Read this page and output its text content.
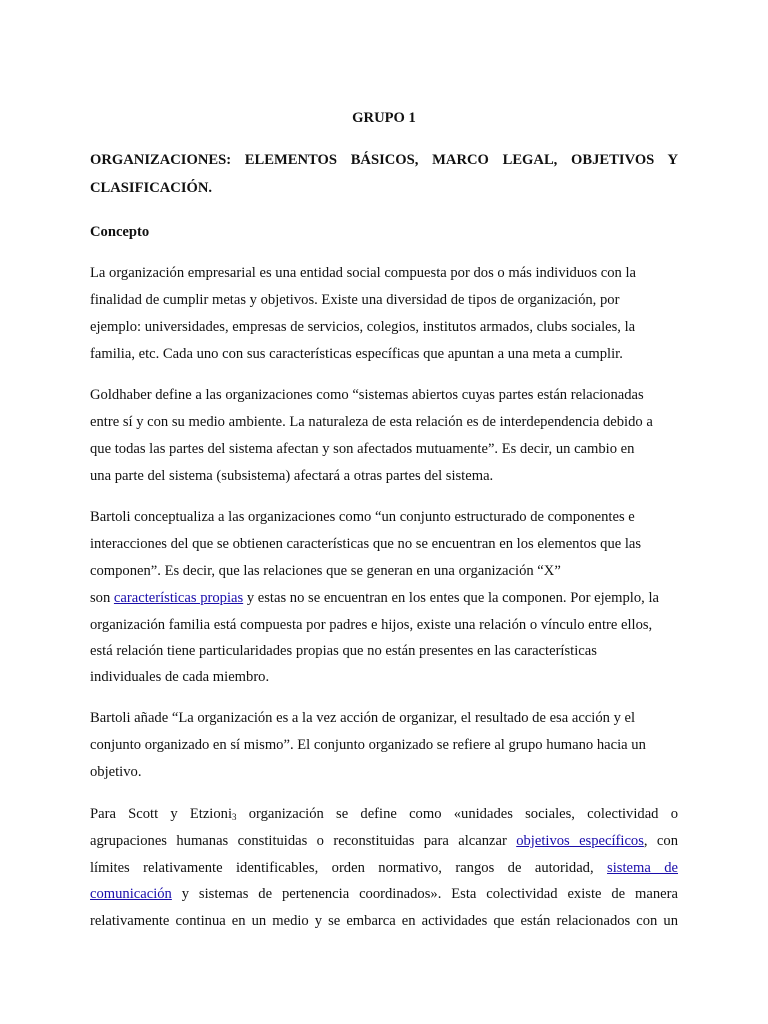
GRUPO 1
ORGANIZACIONES: ELEMENTOS BÁSICOS, MARCO LEGAL, OBJETIVOS Y
CLASIFICACIÓN.
Concepto
La organización empresarial es una entidad social compuesta por dos o más individuos con la
finalidad de cumplir metas y objetivos. Existe una diversidad de tipos de organización, por
ejemplo: universidades, empresas de servicios, colegios, institutos armados, clubs sociales, la
familia, etc. Cada uno con sus características específicas que apuntan a una meta a cumplir.
Goldhaber define a las organizaciones como “sistemas abiertos cuyas partes están relacionadas
entre sí y con su medio ambiente. La naturaleza de esta relación es de interdependencia debido a
que todas las partes del sistema afectan y son afectados mutuamente”. Es decir, un cambio en
una parte del sistema (subsistema) afectará a otras partes del sistema.
Bartoli conceptualiza a las organizaciones como “un conjunto estructurado de componentes e
interacciones del que se obtienen características que no se encuentran en los elementos que las
componen”. Es decir, que las relaciones que se generan en una organización “X”
son características propias y estas no se encuentran en los entes que la componen. Por ejemplo, la
organización familia está compuesta por padres e hijos, existe una relación o vínculo entre ellos,
está relación tiene particularidades propias que no están presentes en las características
individuales de cada miembro.
Bartoli añade “La organización es a la vez acción de organizar, el resultado de esa acción y el
conjunto organizado en sí mismo”. El conjunto organizado se refiere al grupo humano hacia un
objetivo.
Para Scott y Etzioni$_3$ organización se define como «unidades sociales, colectividad o
agrupaciones humanas constituidas o reconstituidas para alcanzar objetivos específicos, con
límites relativamente identificables, orden normativo, rangos de autoridad, sistema de
comunicación y sistemas de pertenencia coordinados». Esta colectividad existe de manera
relativamente continua en un medio y se embarca en actividades que están relacionados con un
